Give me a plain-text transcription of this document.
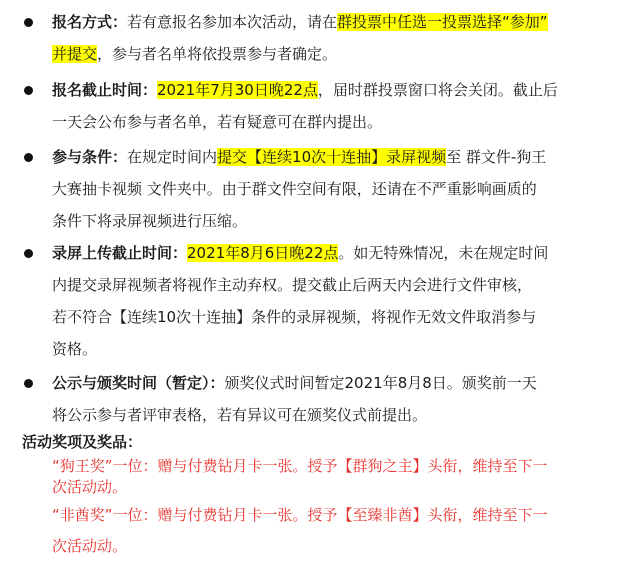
报名方式：若有意报名参加本次活动，请在群投票中任选一投票选择“参加”
并提交，参与者名单将依投票参与者确定。
报名截止时间：2021年7月30日晚22点，届时群投票窗口将会关闭。截止后
一天会公布参与者名单，若有疑意可在群内提出。
参与条件：在规定时间内提交【连续10次十连抽】录屏视频至 群文件-狗王
大赛抽卡视频 文件夹中。由于群文件空间有限，还请在不严重影响画质的
条件下将录屏视频进行压缩。
录屏上传截止时间：2021年8月6日晚22点。如无特殊情况，未在规定时间
内提交录屏视频者将视作主动弃权。提交截止后两天内会进行文件审核，
若不符合【连续10次十连抽】条件的录屏视频，将视作无效文件取消参与
资格。
公示与颁奖时间（暂定）：颁奖仪式时间暂定2021年8月8日。颁奖前一天
将公示参与者评审表格，若有异议可在颁奖仪式前提出。
活动奖项及奖品：
“狗王奖”一位：赠与付费钻月卡一张。授予【群狗之主】头衔，维持至下一
次活动动。
“非酋奖”一位：赠与付费钻月卡一张。授予【至臻非酋】头衔，维持至下一
次活动动。
